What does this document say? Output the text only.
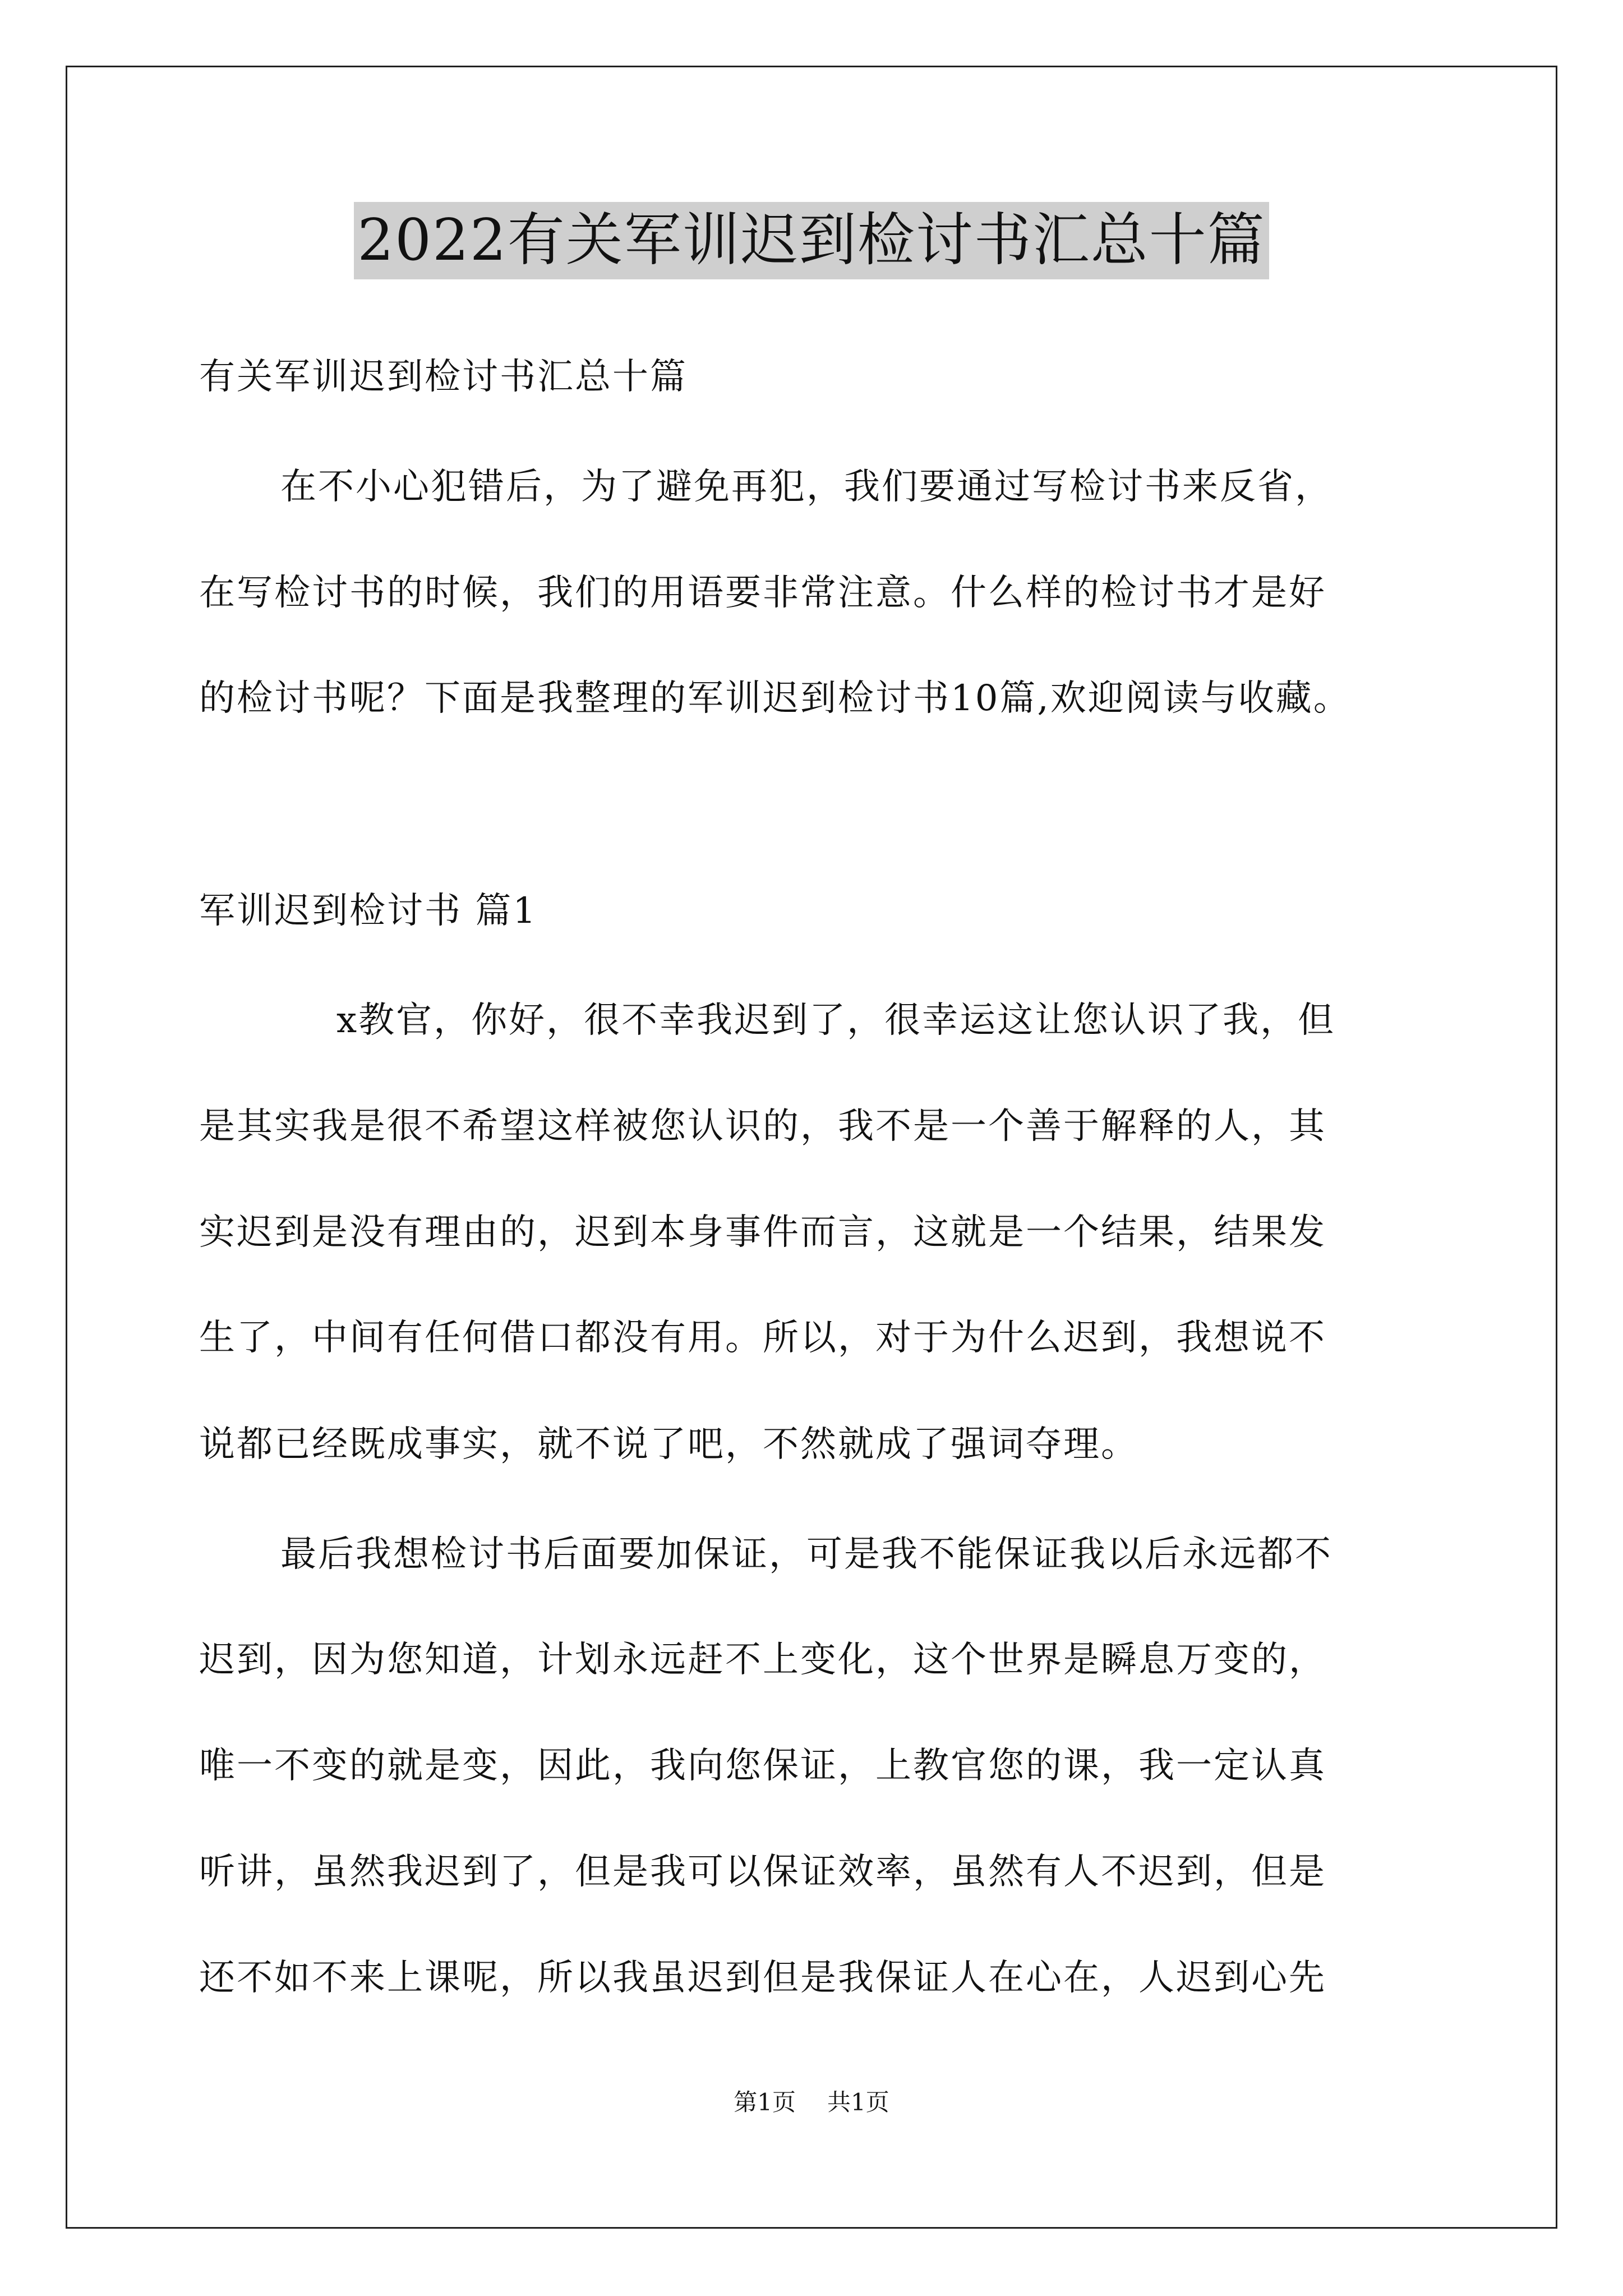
2022有关军训迟到检讨书汇总十篇
有关军训迟到检讨书汇总十篇
在不小心犯错后，为了避免再犯，我们要通过写检讨书来反省，
在写检讨书的时候，我们的用语要非常注意。什么样的检讨书才是好
的检讨书呢？下面是我整理的军训迟到检讨书10篇,欢迎阅读与收藏。
军训迟到检讨书 篇1
x教官，你好，很不幸我迟到了，很幸运这让您认识了我，但
是其实我是很不希望这样被您认识的，我不是一个善于解释的人，其
实迟到是没有理由的，迟到本身事件而言，这就是一个结果，结果发
生了，中间有任何借口都没有用。所以，对于为什么迟到，我想说不
说都已经既成事实，就不说了吧，不然就成了强词夺理。
最后我想检讨书后面要加保证，可是我不能保证我以后永远都不
迟到，因为您知道，计划永远赶不上变化，这个世界是瞬息万变的，
唯一不变的就是变，因此，我向您保证，上教官您的课，我一定认真
听讲，虽然我迟到了，但是我可以保证效率，虽然有人不迟到，但是
还不如不来上课呢，所以我虽迟到但是我保证人在心在，人迟到心先
第1页 共1页
